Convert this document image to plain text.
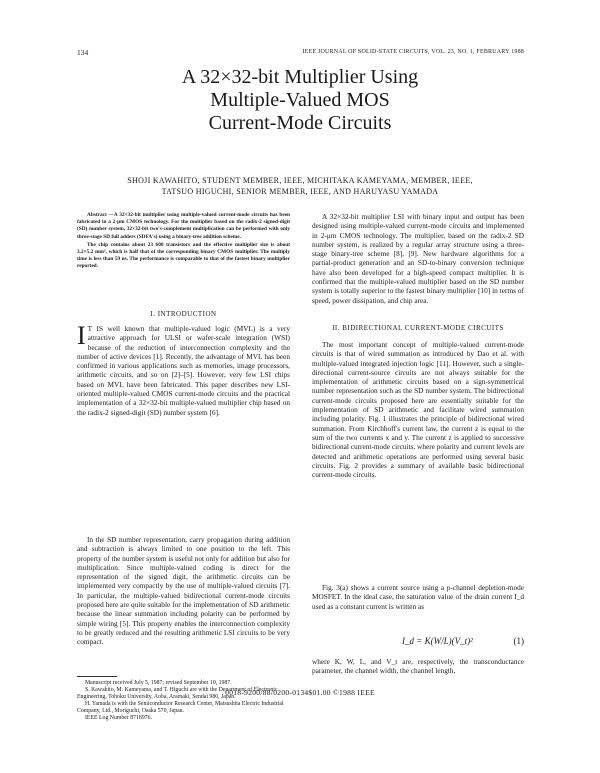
134	IEEE JOURNAL OF SOLID-STATE CIRCUITS, VOL. 23, NO. 1, FEBRUARY 1988
A 32×32-bit Multiplier Using
Multiple-Valued MOS
Current-Mode Circuits
SHOJI KAWAHITO, STUDENT MEMBER, IEEE, MICHITAKA KAMEYAMA, MEMBER, IEEE,
TATSUO HIGUCHI, SENIOR MEMBER, IEEE, AND HARUYASU YAMADA

Abstract —A 32×32-bit multiplier using multiple-valued current-mode circuits has been fabricated in a 2-μm CMOS technology. For the multiplier based on the radix-2 signed-digit (SD) number system, 32×32-bit two's-complement multiplication can be performed with only three-stage SD full adders (SDFA's) using a binary-tree addition scheme.

The chip contains about 23 600 transistors and the effective multiplier size is about 3.2×5.2 mm², which is half that of the corresponding binary CMOS multiplier. The multiply time is less than 59 ns. The performance is comparable to that of the fastest binary multiplier reported.

I. INTRODUCTION

I T IS well known that multiple-valued logic (MVL) is a very attractive approach for ULSI or wafer-scale integration (WSI) because of the reduction of interconnection complexity and the number of active devices [1]. Recently, the advantage of MVL has been confirmed in various applications such as memories, image processors, arithmetic circuits, and so on [2]–[5]. However, very few LSI chips based on MVL have been fabricated. This paper describes new LSI-oriented multiple-valued CMOS current-mode circuits and the practical implementation of a 32×32-bit multiple-valued multiplier chip based on the radix-2 signed-digit (SD) number system [6].

In the SD number representation, carry propagation during addition and subtraction is always limited to one position to the left. This property of the number system is useful not only for addition but also for multiplication. Since multiple-valued coding is direct for the representation of the signed digit, the arithmetic circuits can be implemented very compactly by the use of multiple-valued circuits [7]. In particular, the multiple-valued bidirectional current-mode circuits proposed here are quite suitable for the implementation of SD arithmetic because the linear summation including polarity can be performed by simple wiring [5]. This property enables the interconnection complexity to be greatly reduced and the resulting arithmetic LSI circuits to be very compact.

Manuscript received July 5, 1987; revised September 10, 1987.

S. Kawahito, M. Kameyama, and T. Higuchi are with the Department of Electronic Engineering, Tohoku University, Aoba, Aramaki, Sendai 980, Japan.

H. Yamada is with the Semiconductor Research Center, Matsushita Electric Industrial Company, Ltd., Moriguchi, Osaka 570, Japan.

IEEE Log Number 8718976.

A 32×32-bit multiplier LSI with binary input and output has been designed using multiple-valued current-mode circuits and implemented in 2-μm CMOS technology. The multiplier, based on the radix-2 SD number system, is realized by a regular array structure using a three-stage binary-tree scheme [8], [9]. New hardware algorithms for a partial-product generation and an SD-to-binary conversion technique have also been developed for a high-speed compact multiplier. It is confirmed that the multiple-valued multiplier based on the SD number system is totally superior to the fastest binary multiplier [10] in terms of speed, power dissipation, and chip area.

II. BIDIRECTIONAL CURRENT-MODE CIRCUITS

The most important concept of multiple-valued current-mode circuits is that of wired summation as introduced by Dao et al. with multiple-valued integrated injection logic [11]. However, such a single-directional current-source circuits are not always suitable for the implementation of arithmetic circuits based on a sign-symmetrical number representation such as the SD number system. The bidirectional current-mode circuits proposed here are essentially suitable for the implementation of SD arithmetic and facilitate wired summation including polarity. Fig. 1 illustrates the principle of bidirectional wired summation. From Kirchhoff's current law, the current z is equal to the sum of the two currents x and y. The current z is applied to successive bidirectional current-mode circuits, where polarity and current levels are detected and arithmetic operations are performed using several basic circuits. Fig. 2 provides a summary of available basic bidirectional current-mode circuits.

Fig. 3(a) shows a current source using a p-channel depletion-mode MOSFET. In the ideal case, the saturation value of the drain current I_d used as a constant current is written as

I_d = K(W/L)(V_t)²	(1)

where K, W, L, and V_t are, respectively, the transconductance parameter, the channel width, the channel length,

0018-9200/88/0200-0134$01.00 ©1988 IEEE
